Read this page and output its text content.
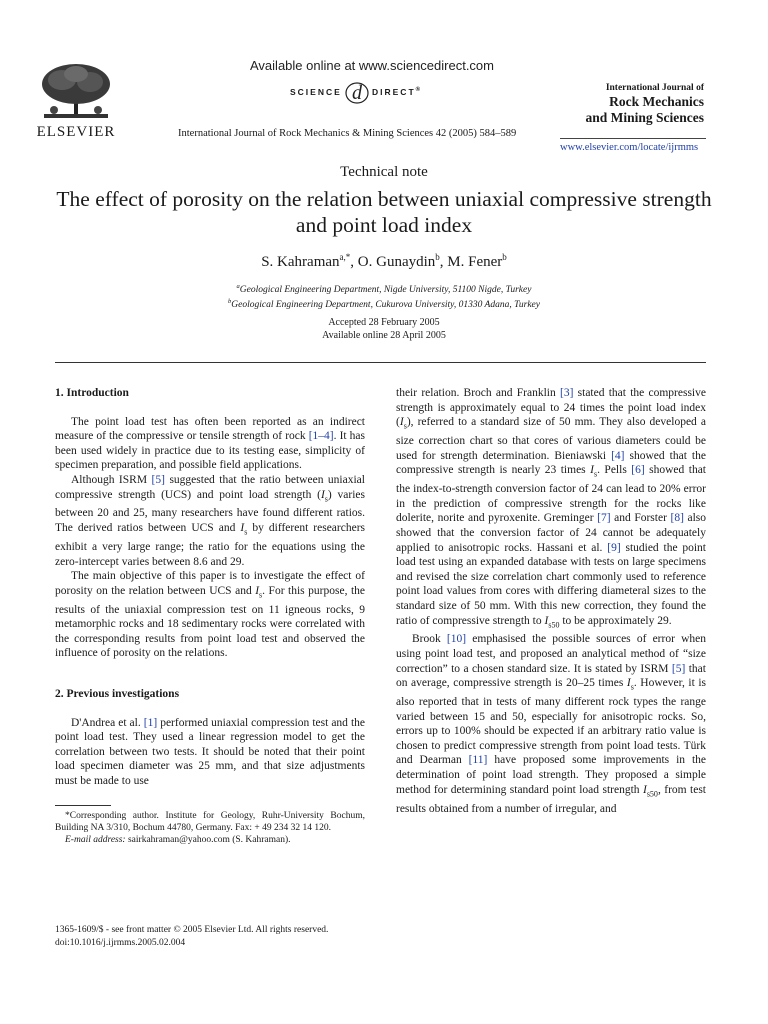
ELSEVIER
Available online at www.sciencedirect.com
SCIENCE d DIRECT®
International Journal of Rock Mechanics & Mining Sciences 42 (2005) 584–589
International Journal of
Rock Mechanics
and Mining Sciences
www.elsevier.com/locate/ijrmms
Technical note
The effect of porosity on the relation between uniaxial compressive strength and point load index
S. Kahraman$^{a,*}$, O. Gunaydin$^b$, M. Fener$^b$
$^a$Geological Engineering Department, Nigde University, 51100 Nigde, Turkey
$^b$Geological Engineering Department, Cukurova University, 01330 Adana, Turkey
Accepted 28 February 2005
Available online 28 April 2005
1. Introduction

The point load test has often been reported as an indirect measure of the compressive or tensile strength of rock [1–4]. It has been used widely in practice due to its testing ease, simplicity of specimen preparation, and possible field applications.

Although ISRM [5] suggested that the ratio between uniaxial compressive strength (UCS) and point load strength $(I_s)$ varies between 20 and 25, many researchers have found different ratios. The derived ratios between UCS and $I_s$ by different researchers exhibit a very large range; the ratio for the equations using the zero-intercept varies between 8.6 and 29.

The main objective of this paper is to investigate the effect of porosity on the relation between UCS and $I_s$. For this purpose, the results of the uniaxial compression test on 11 igneous rocks, 9 metamorphic rocks and 18 sedimentary rocks were correlated with the corresponding results from point load test and observed the influence of porosity on the relations.

2. Previous investigations

D'Andrea et al. [1] performed uniaxial compression test and the point load test. They used a linear regression model to get the correlation between two tests. It should be noted that their point load specimen diameter was 25 mm, and that size adjustments must be made to use

*Corresponding author. Institute for Geology, Ruhr-University Bochum, Building NA 3/310, Bochum 44780, Germany. Fax: + 49 234 32 14 120.

E-mail address: sairkahraman@yahoo.com (S. Kahraman).

their relation. Broch and Franklin [3] stated that the compressive strength is approximately equal to 24 times the point load index $(I_s)$, referred to a standard size of 50 mm. They also developed a size correction chart so that cores of various diameters could be used for strength determination. Bieniawski [4] showed that the compressive strength is nearly 23 times $I_s$. Pells [6] showed that the index-to-strength conversion factor of 24 can lead to 20% error in the prediction of compressive strength for the rocks like dolerite, norite and pyroxenite. Greminger [7] and Forster [8] also showed that the conversion factor of 24 cannot be adequately applied to anisotropic rocks. Hassani et al. [9] studied the point load test using an expanded database with tests on large specimens and revised the size correlation chart commonly used to reference point load values from cores with differing diameteral sizes to the standard size of 50 mm. With this new correction, they found the ratio of compressive strength to $I_{s50}$ to be approximately 29.

Brook [10] emphasised the possible sources of error when using point load test, and proposed an analytical method of “size correction” to a chosen standard size. It is stated by ISRM [5] that on average, compressive strength is 20–25 times $I_s$. However, it is also reported that in tests of many different rock types the range varied between 15 and 50, especially for anisotropic rocks. So, errors up to 100% should be expected if an arbitrary ratio value is chosen to predict compressive strength from point load tests. Türk and Dearman [11] have proposed some improvements in the determination of point load strength. They proposed a simple method for determining standard point load strength $I_{s50}$, from test results obtained from a number of irregular, and

1365-1609/$ - see front matter © 2005 Elsevier Ltd. All rights reserved.
doi:10.1016/j.ijrmms.2005.02.004
